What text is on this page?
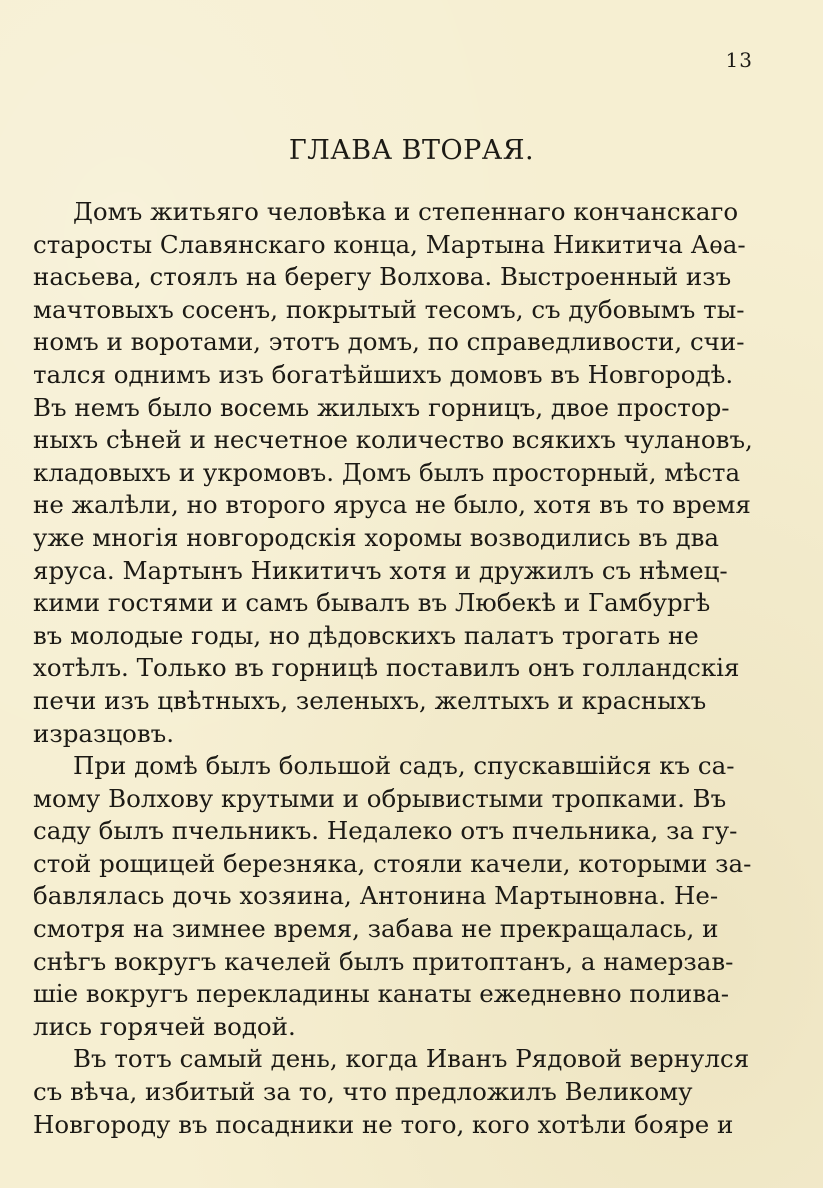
13
ГЛАВА ВТОРАЯ.

Домъ житьяго человѣка и степеннаго кончанскаго
старосты Славянскаго конца, Мартына Никитича Аѳа-
насьева, стоялъ на берегу Волхова. Выстроенный изъ
мачтовыхъ сосенъ, покрытый тесомъ, съ дубовымъ ты-
номъ и воротами, этотъ домъ, по справедливости, счи-
тался однимъ изъ богатѣйшихъ домовъ въ Новгородѣ.
Въ немъ было восемь жилыхъ горницъ, двое простор-
ныхъ сѣней и несчетное количество всякихъ чулановъ,
кладовыхъ и укромовъ. Домъ былъ просторный, мѣста
не жалѣли, но второго яруса не было, хотя въ то время
уже многія новгородскія хоромы возводились въ два
яруса. Мартынъ Никитичъ хотя и дружилъ съ нѣмец-
кими гостями и самъ бывалъ въ Любекѣ и Гамбургѣ
въ молодые годы, но дѣдовскихъ палатъ трогать не
хотѣлъ. Только въ горницѣ поставилъ онъ голландскія
печи изъ цвѣтныхъ, зеленыхъ, желтыхъ и красныхъ
изразцовъ.

При домѣ былъ большой садъ, спускавшійся къ са-
мому Волхову крутыми и обрывистыми тропками. Въ
саду былъ пчельникъ. Недалеко отъ пчельника, за гу-
стой рощицей березняка, стояли качели, которыми за-
бавлялась дочь хозяина, Антонина Мартыновна. Не-
смотря на зимнее время, забава не прекращалась, и
снѣгъ вокругъ качелей былъ притоптанъ, а намерзав-
шіе вокругъ перекладины канаты ежедневно полива-
лись горячей водой.

Въ тотъ самый день, когда Иванъ Рядовой вернулся
съ вѣча, избитый за то, что предложилъ Великому
Новгороду въ посадники не того, кого хотѣли бояре и
